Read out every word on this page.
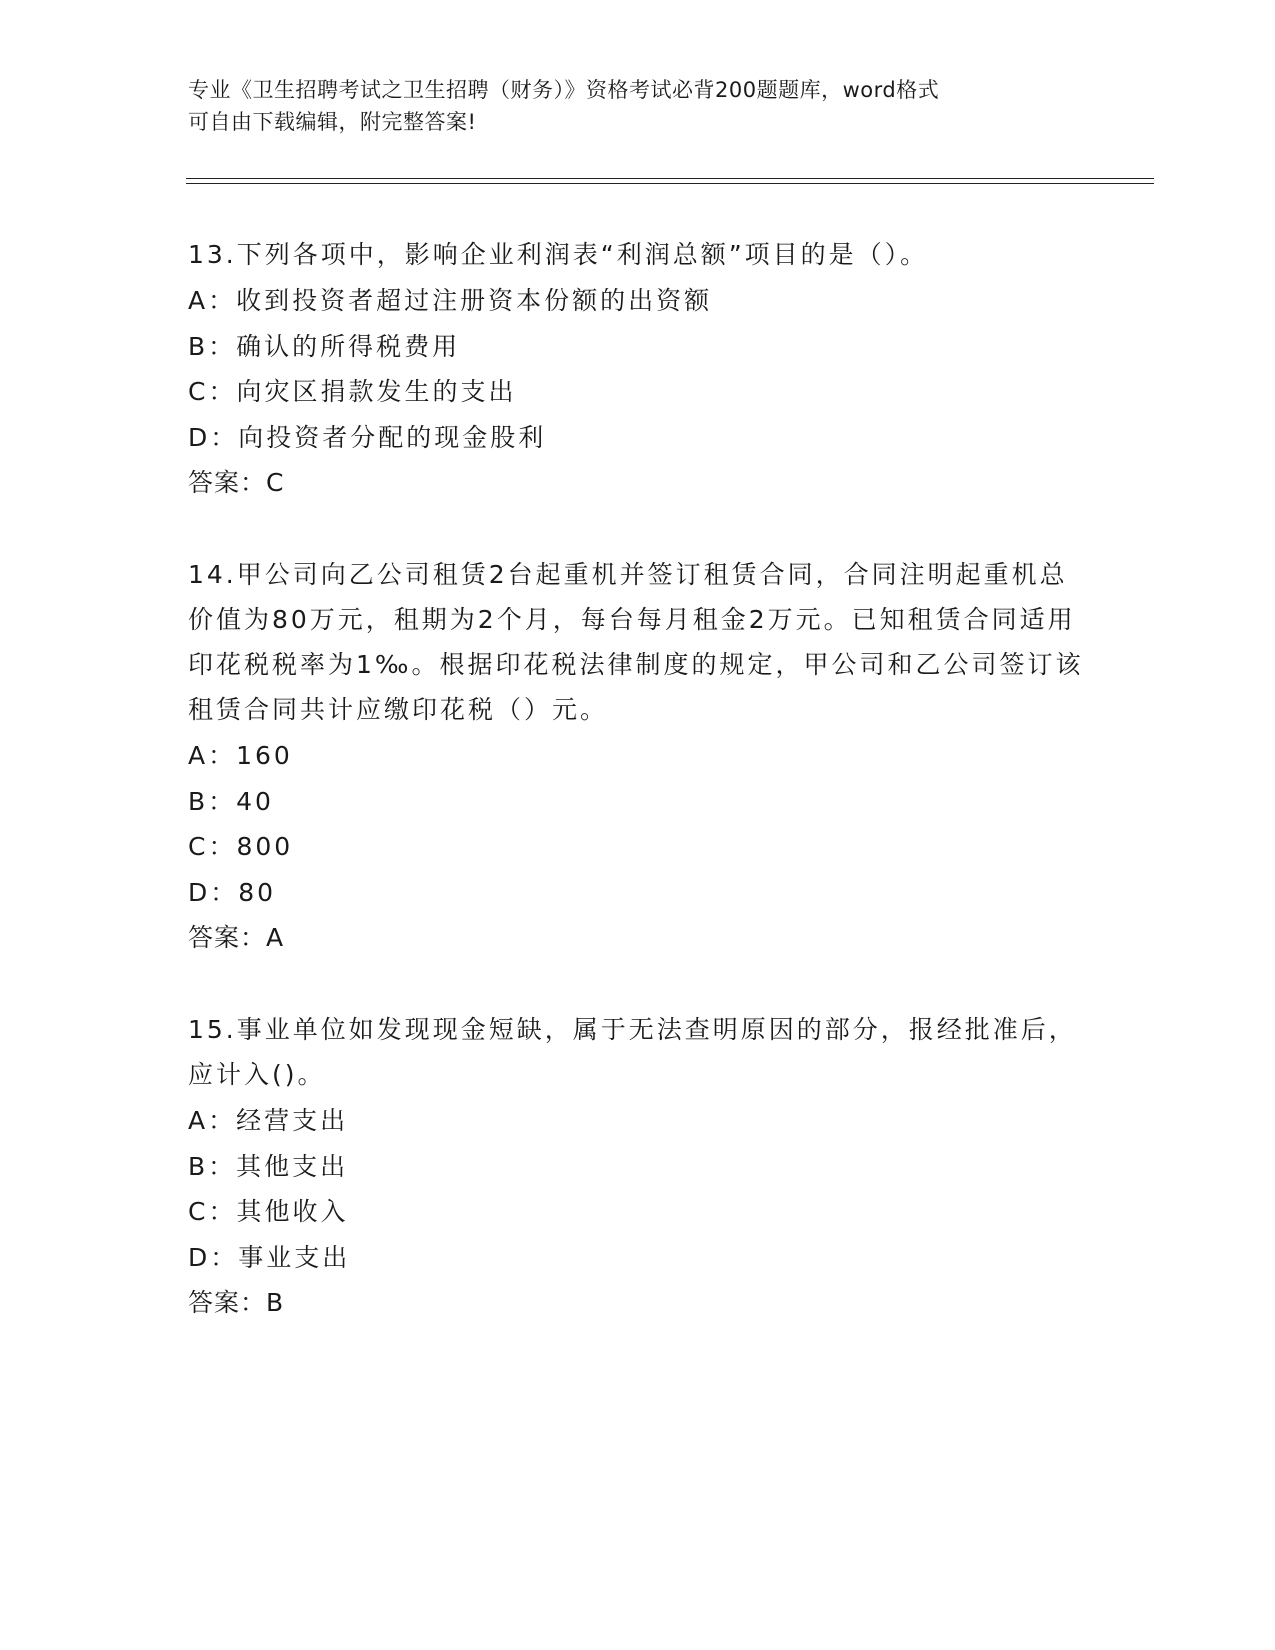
专业《卫生招聘考试之卫生招聘（财务）》资格考试必背200题题库，word格式
可自由下载编辑，附完整答案!
13.下列各项中，影响企业利润表“利润总额”项目的是（）。
A：收到投资者超过注册资本份额的出资额
B：确认的所得税费用
C：向灾区捐款发生的支出
D：向投资者分配的现金股利
答案：C
14.甲公司向乙公司租赁2台起重机并签订租赁合同，合同注明起重机总价值为80万元，租期为2个月，每台每月租金2万元。已知租赁合同适用印花税税率为1‰。根据印花税法律制度的规定，甲公司和乙公司签订该租赁合同共计应缴印花税（）元。
A：160
B：40
C：800
D：80
答案：A
15.事业单位如发现现金短缺，属于无法查明原因的部分，报经批准后，应计入()。
A：经营支出
B：其他支出
C：其他收入
D：事业支出
答案：B
